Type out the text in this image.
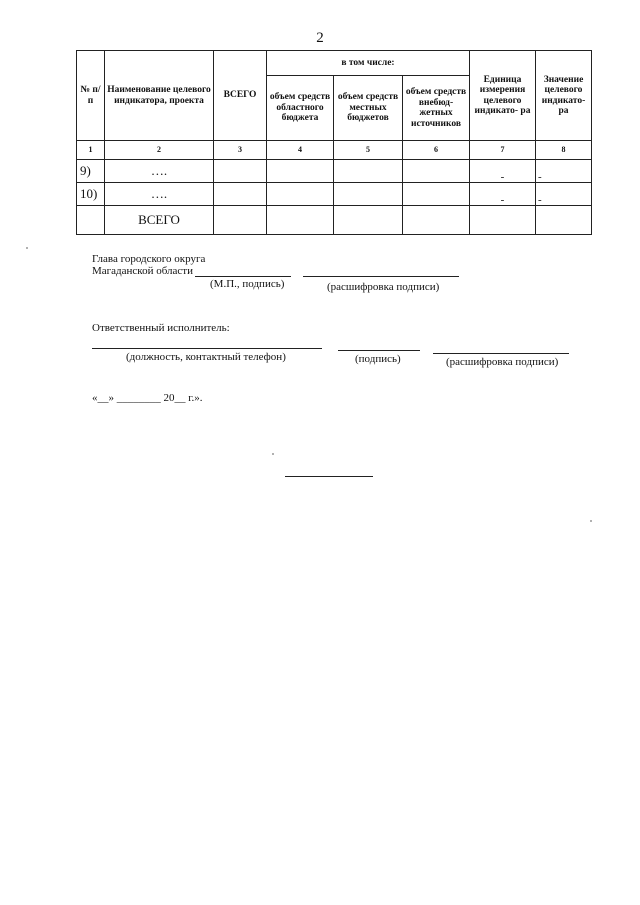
2
№ п/п	Наименование целевого индикатора, проекта	ВСЕГО	в том числе:			Единица измерения целевого индикато- ра	Значение целевого индикато- ра
			объем средств областного бюджета	объем средств местных бюджетов	объем средств внебюд- жетных источников		
1	2	3	4	5	6	7	8
9)	….					-	-
10)	….					-	-
	ВСЕГО						
Глава городского округа
Магаданской области
(М.П., подпись)	(расшифровка подписи)
Ответственный исполнитель:
(должность, контактный телефон)	(подпись)	(расшифровка подписи)
«__» ________ 20__ г.».
